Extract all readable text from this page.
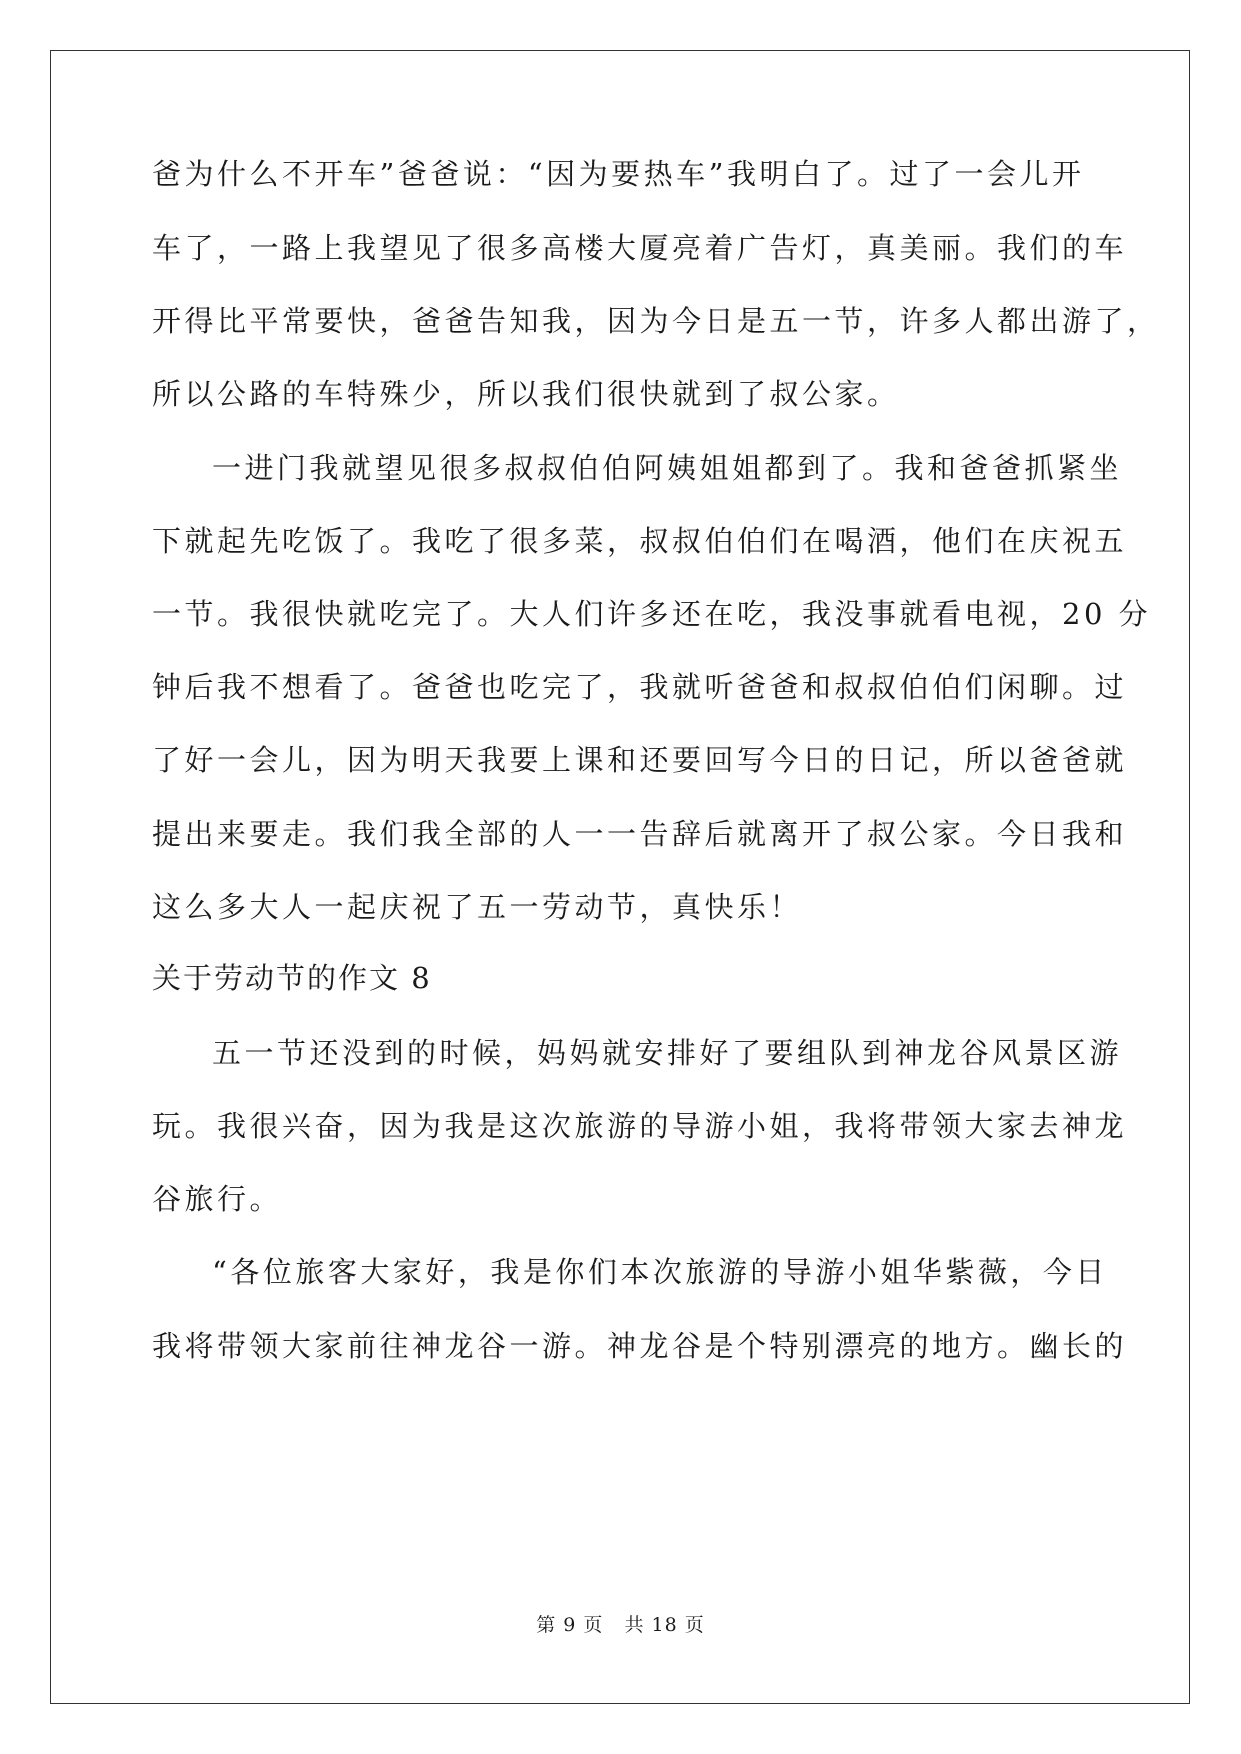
爸为什么不开车”爸爸说：“因为要热车”我明白了。过了一会儿开
车了，一路上我望见了很多高楼大厦亮着广告灯，真美丽。我们的车
开得比平常要快，爸爸告知我，因为今日是五一节，许多人都出游了，
所以公路的车特殊少，所以我们很快就到了叔公家。
一进门我就望见很多叔叔伯伯阿姨姐姐都到了。我和爸爸抓紧坐
下就起先吃饭了。我吃了很多菜，叔叔伯伯们在喝酒，他们在庆祝五
一节。我很快就吃完了。大人们许多还在吃，我没事就看电视，20 分
钟后我不想看了。爸爸也吃完了，我就听爸爸和叔叔伯伯们闲聊。过
了好一会儿，因为明天我要上课和还要回写今日的日记，所以爸爸就
提出来要走。我们我全部的人一一告辞后就离开了叔公家。今日我和
这么多大人一起庆祝了五一劳动节，真快乐！
关于劳动节的作文 8
五一节还没到的时候，妈妈就安排好了要组队到神龙谷风景区游
玩。我很兴奋，因为我是这次旅游的导游小姐，我将带领大家去神龙
谷旅行。
“各位旅客大家好，我是你们本次旅游的导游小姐华紫薇，今日
我将带领大家前往神龙谷一游。神龙谷是个特别漂亮的地方。幽长的
第 9 页   共 18 页
